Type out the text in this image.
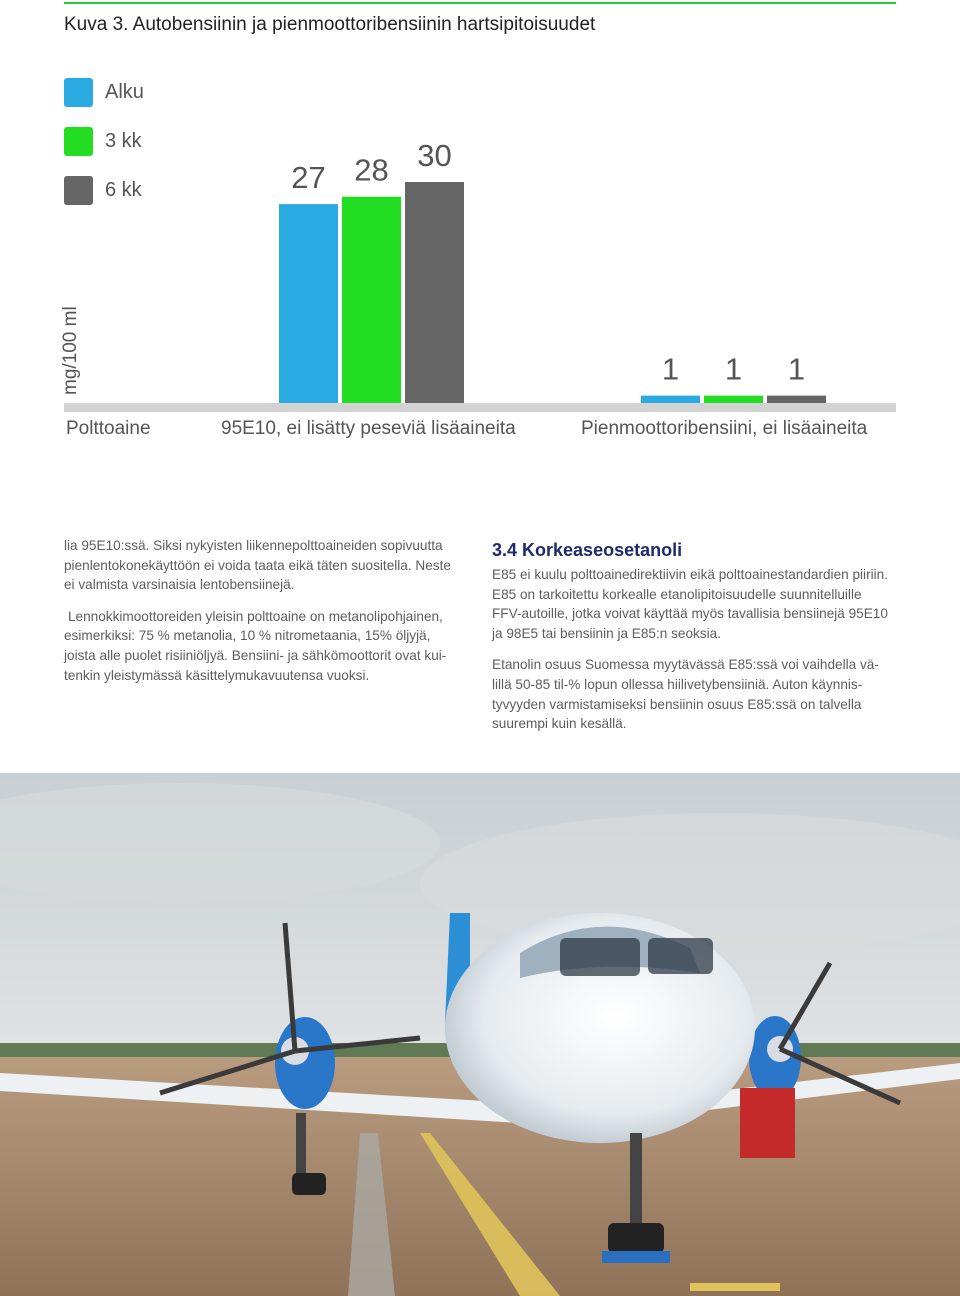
Kuva 3. Autobensiinin ja pienmoottoribensiinin hartsipitoisuudet
Alku
3 kk
6 kk
mg/100 ml
27 28 30
1 1 1
Polttoaine	95E10, ei lisätty peseviä lisäaineita	Pienmoottoribensiini, ei lisäaineita

lia 95E10:ssä. Siksi nykyisten liikennepolttoaineiden sopivuutta pienlentokonekäyttöön ei voida taata eikä täten suositella. Neste ei valmista varsinaisia lentobensiinejä.

Lennokkimoottoreiden yleisin polttoaine on metanolipohjainen, esimerkiksi: 75 % metanolia, 10 % nitrometaania, 15% öljyjä, joista alle puolet risiiniöljyä. Bensiini- ja sähkömoottorit ovat kuitenkin yleistymässä käsittelymukavuutensa vuoksi.

3.4 Korkeaseosetanoli

E85 ei kuulu polttoainedirektiivin eikä polttoainestandardien piiriin. E85 on tarkoitettu korkealle etanolipitoisuudelle suunnitelluille FFV-autoille, jotka voivat käyttää myös tavallisia bensiinejä 95E10 ja 98E5 tai bensiinin ja E85:n seoksia.

Etanolin osuus Suomessa myytävässä E85:ssä voi vaihdella välillä 50-85 til-% lopun ollessa hiilivetybensiiniä. Auton käynnistyvyyden varmistamiseksi bensiinin osuus E85:ssä on talvella suurempi kuin kesällä.
